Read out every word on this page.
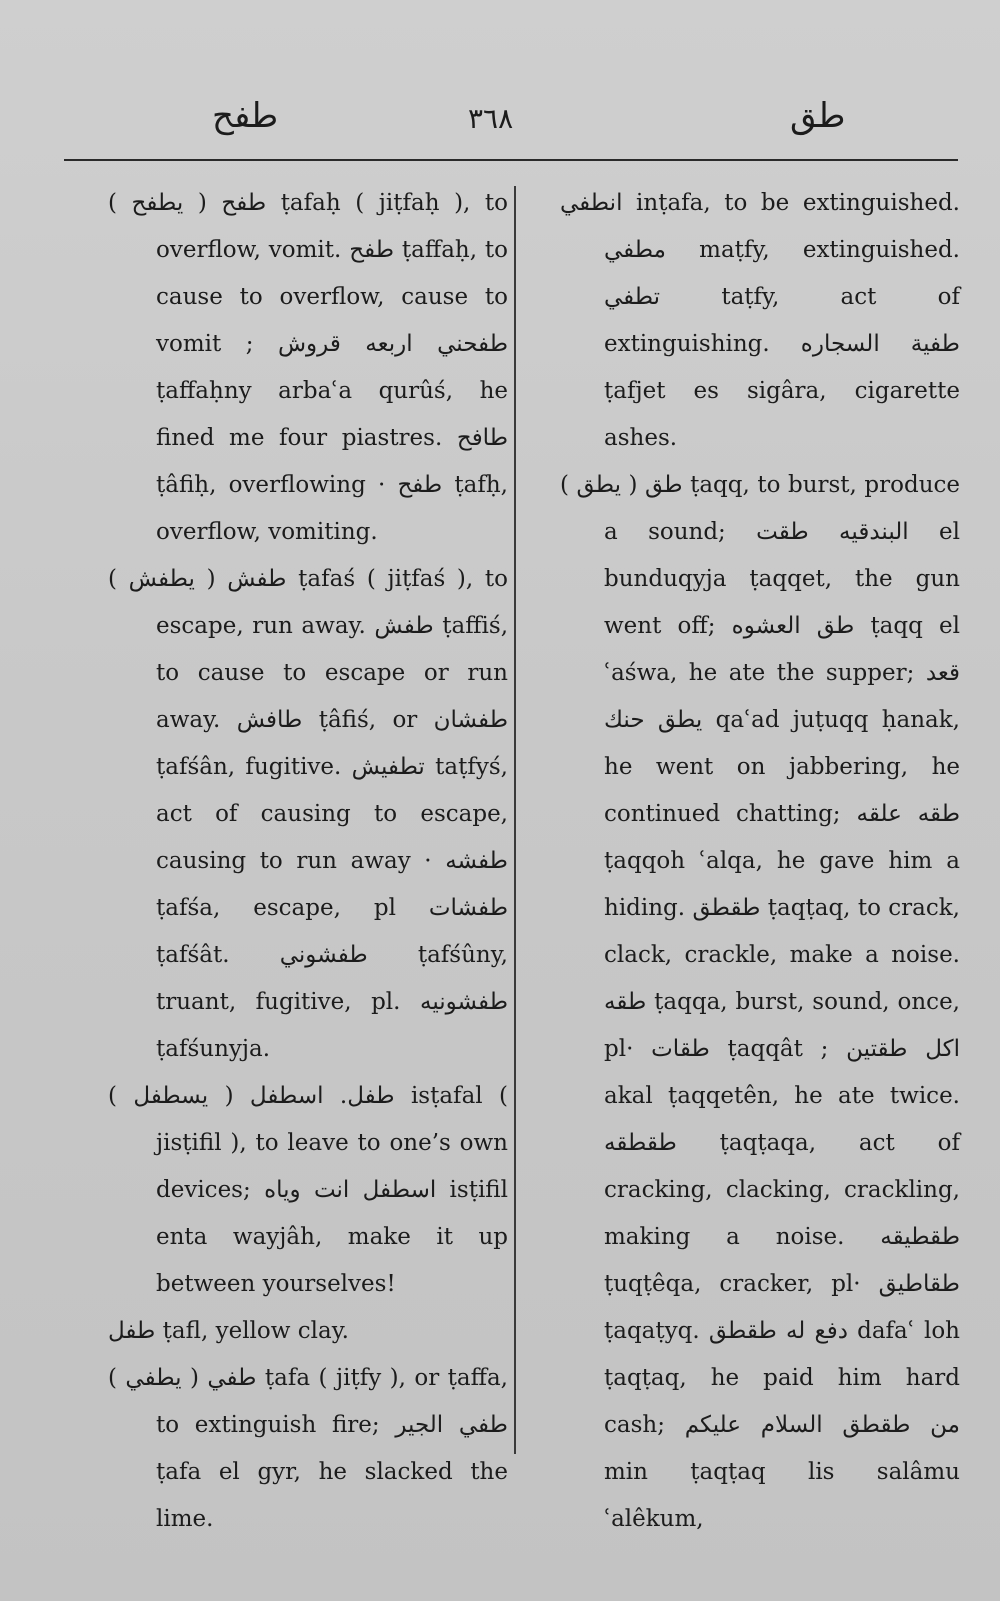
طفح	٣٦٨	طق

طفح ( يطفح ) ṭafaḥ ( jiṭfaḥ ), to overflow, vomit. طفح ṭaffaḥ, to cause to overflow, cause to vomit ; طفحني اربعه قروش ṭaffaḥny arbaʿa qurûś, he fined me four piastres. طافح ṭâfiḥ, overflowing · طفح ṭafḥ, overflow, vomiting.

طفش ( يطفش ) ṭafaś ( jiṭfaś ), to escape, run away. طفش ṭaffiś, to cause to escape or run away. طافش ṭâfiś, or طفشان ṭafśân, fugitive. تطفيش taṭfyś, act of causing to escape, causing to run away · طفشه ṭafśa, escape, pl طفشات ṭafśât. طفشوني ṭafśûny, truant, fugitive, pl. طفشونيه ṭafśunyja.

طفل. اسطفل ( يسطفل ) isṭafal ( jisṭifil ), to leave to one’s own devices; اسطفل انت وياه isṭifil enta wayjâh, make it up between yourselves!

طفل ṭafl, yellow clay.

طفي ( يطفي ) ṭafa ( jiṭfy ), or ṭaffa, to extinguish fire; طفي الجير ṭafa el gyr, he slacked the lime.

انطفي inṭafa, to be extinguished. مطفي maṭfy, extinguished. تطفي taṭfy, act of extinguishing. طفية السجاره ṭafjet es sigâra, cigarette ashes.

طق ( يطق ) ṭaqq, to burst, produce a sound; البندقيه طقت el bunduqyja ṭaqqet, the gun went off; طق العشوه ṭaqq el ʿaśwa, he ate the supper; قعد يطق حنك qaʿad juṭuqq ḥanak, he went on jabbering, he continued chatting; طقه علقه ṭaqqoh ʿalqa, he gave him a hiding. طقطق ṭaqṭaq, to crack, clack, crackle, make a noise. طقه ṭaqqa, burst, sound, once, pl· طقات ṭaqqât ; اكل طقتين akal ṭaqqetên, he ate twice. طقطقه ṭaqṭaqa, act of cracking, clacking, crackling, making a noise. طقطيقه ṭuqṭêqa, cracker, pl· طقاطيق ṭaqaṭyq. دفع له طقطق dafaʿ loh ṭaqṭaq, he paid him hard cash; من طقطق السلام عليكم min ṭaqṭaq lis salâmu ʿalêkum,
